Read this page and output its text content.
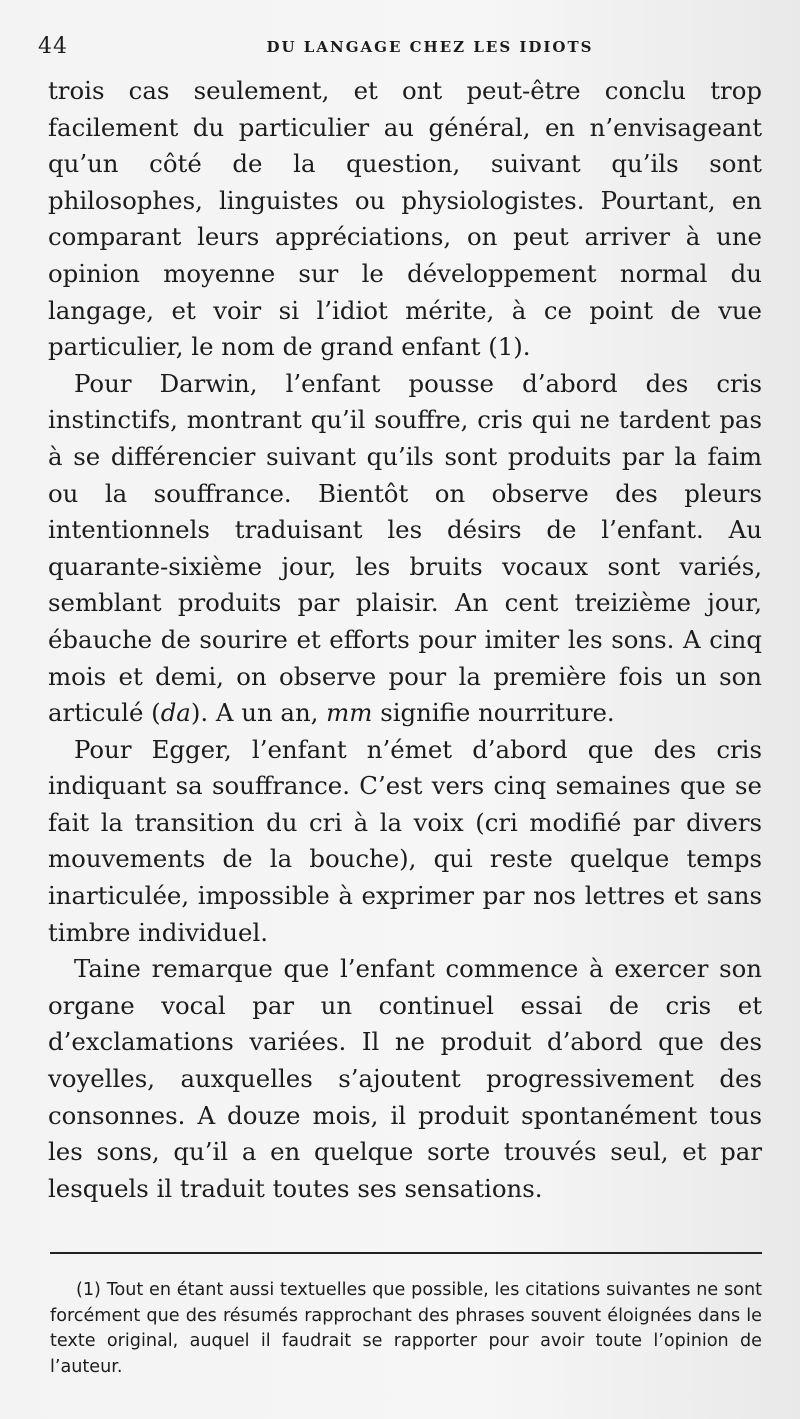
44	DU LANGAGE CHEZ LES IDIOTS

trois cas seulement, et ont peut-être conclu trop facilement du particulier au général, en n’envisageant qu’un côté de la question, suivant qu’ils sont philosophes, linguistes ou physiologistes. Pourtant, en comparant leurs appréciations, on peut arriver à une opinion moyenne sur le développement normal du langage, et voir si l’idiot mérite, à ce point de vue particulier, le nom de grand enfant (1).

Pour Darwin, l’enfant pousse d’abord des cris instinctifs, montrant qu’il souffre, cris qui ne tardent pas à se différencier suivant qu’ils sont produits par la faim ou la souffrance. Bientôt on observe des pleurs intentionnels traduisant les désirs de l’enfant. Au quarante-sixième jour, les bruits vocaux sont variés, semblant produits par plaisir. An cent treizième jour, ébauche de sourire et efforts pour imiter les sons. A cinq mois et demi, on observe pour la première fois un son articulé (da). A un an, mm signifie nourriture.

Pour Egger, l’enfant n’émet d’abord que des cris indiquant sa souffrance. C’est vers cinq semaines que se fait la transition du cri à la voix (cri modifié par divers mouvements de la bouche), qui reste quelque temps inarticulée, impossible à exprimer par nos lettres et sans timbre individuel.

Taine remarque que l’enfant commence à exercer son organe vocal par un continuel essai de cris et d’exclamations variées. Il ne produit d’abord que des voyelles, auxquelles s’ajoutent progressivement des consonnes. A douze mois, il produit spontanément tous les sons, qu’il a en quelque sorte trouvés seul, et par lesquels il traduit toutes ses sensations.

(1) Tout en étant aussi textuelles que possible, les citations suivantes ne sont forcément que des résumés rapprochant des phrases souvent éloignées dans le texte original, auquel il faudrait se rapporter pour avoir toute l’opinion de l’auteur.
